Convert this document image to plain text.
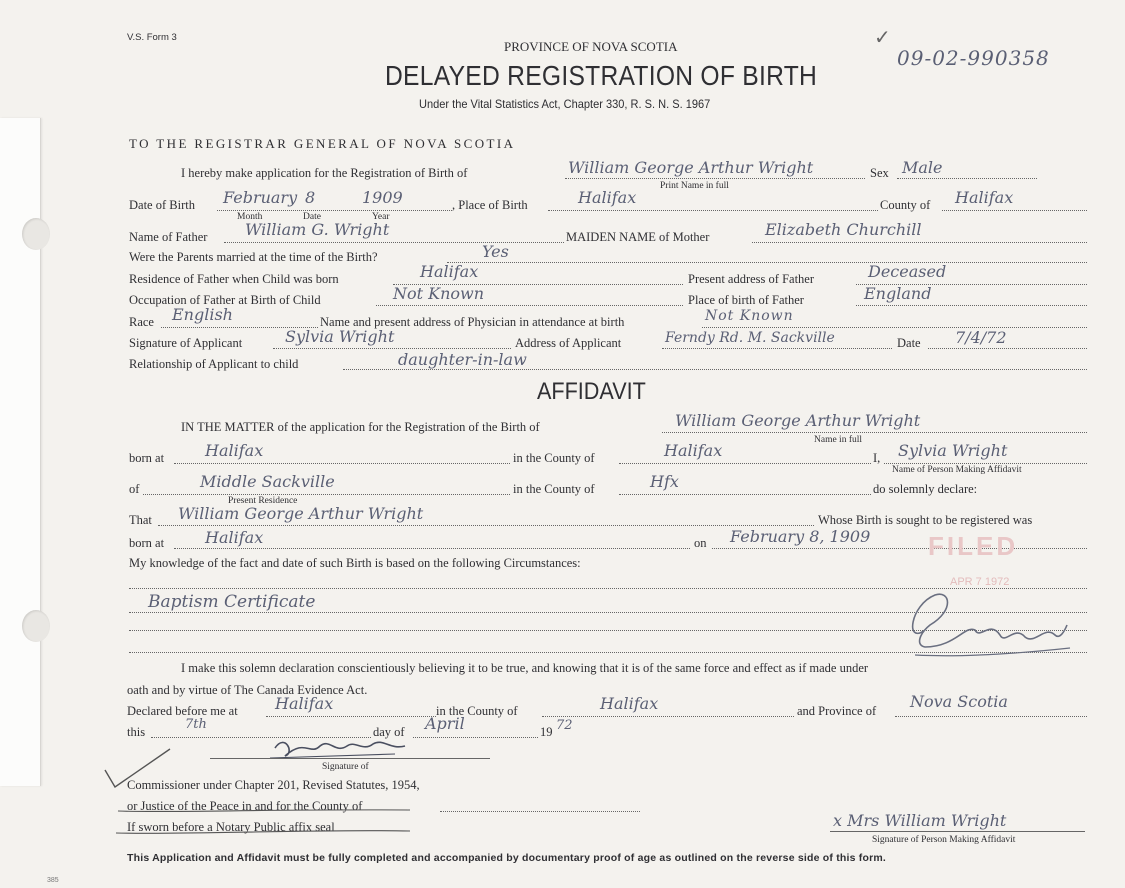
V.S. Form 3
PROVINCE OF NOVA SCOTIA
DELAYED REGISTRATION OF BIRTH
Under the Vital Statistics Act, Chapter 330, R. S. N. S. 1967
✓
09-02-990358
TO THE REGISTRAR GENERAL OF NOVA SCOTIA
I hereby make application for the Registration of Birth of	William George Arthur Wright
Print Name in full
Sex Male
Date of Birth February 8	1909
Month	Date	Year
, Place of Birth	Halifax	County of Halifax
Name of Father William G. Wright	MAIDEN NAME of Mother	Elizabeth Churchill
Were the Parents married at the time of the Birth?	Yes
Residence of Father when Child was born	Halifax	Present address of Father	Deceased
Occupation of Father at Birth of Child	Not Known	Place of birth of Father	England
Race English	Name and present address of Physician in attendance at birth	Not Known
Signature of Applicant	Sylvia Wright	Address of Applicant	Ferndy Rd. M. Sackville	Date 7/4/72
Relationship of Applicant to child	daughter-in-law
AFFIDAVIT
IN THE MATTER of the application for the Registration of the Birth of	William George Arthur Wright
Name in full
born at	Halifax	in the County of	Halifax	I, Sylvia Wright
Name of Person Making Affidavit
of	Middle Sackville
Present Residence
in the County of	Hfx	do solemnly declare:
That William George Arthur Wright	Whose Birth is sought to be registered was
born at	Halifax	on February 8, 1909
My knowledge of the fact and date of such Birth is based on the following Circumstances:
Baptism Certificate
FILED
APR 7 1972
I make this solemn declaration conscientiously believing it to be true, and knowing that it is of the same force and effect as if made under
oath and by virtue of The Canada Evidence Act.
Declared before me at Halifax	in the County of	Halifax	and Province of Nova Scotia
this	7th	day of April	19 72
Signature of
Commissioner under Chapter 201, Revised Statutes, 1954,
or Justice of the Peace in and for the County of
If sworn before a Notary Public affix seal	x Mrs William Wright
Signature of Person Making Affidavit
This Application and Affidavit must be fully completed and accompanied by documentary proof of age as outlined on the reverse side of this form.
385
